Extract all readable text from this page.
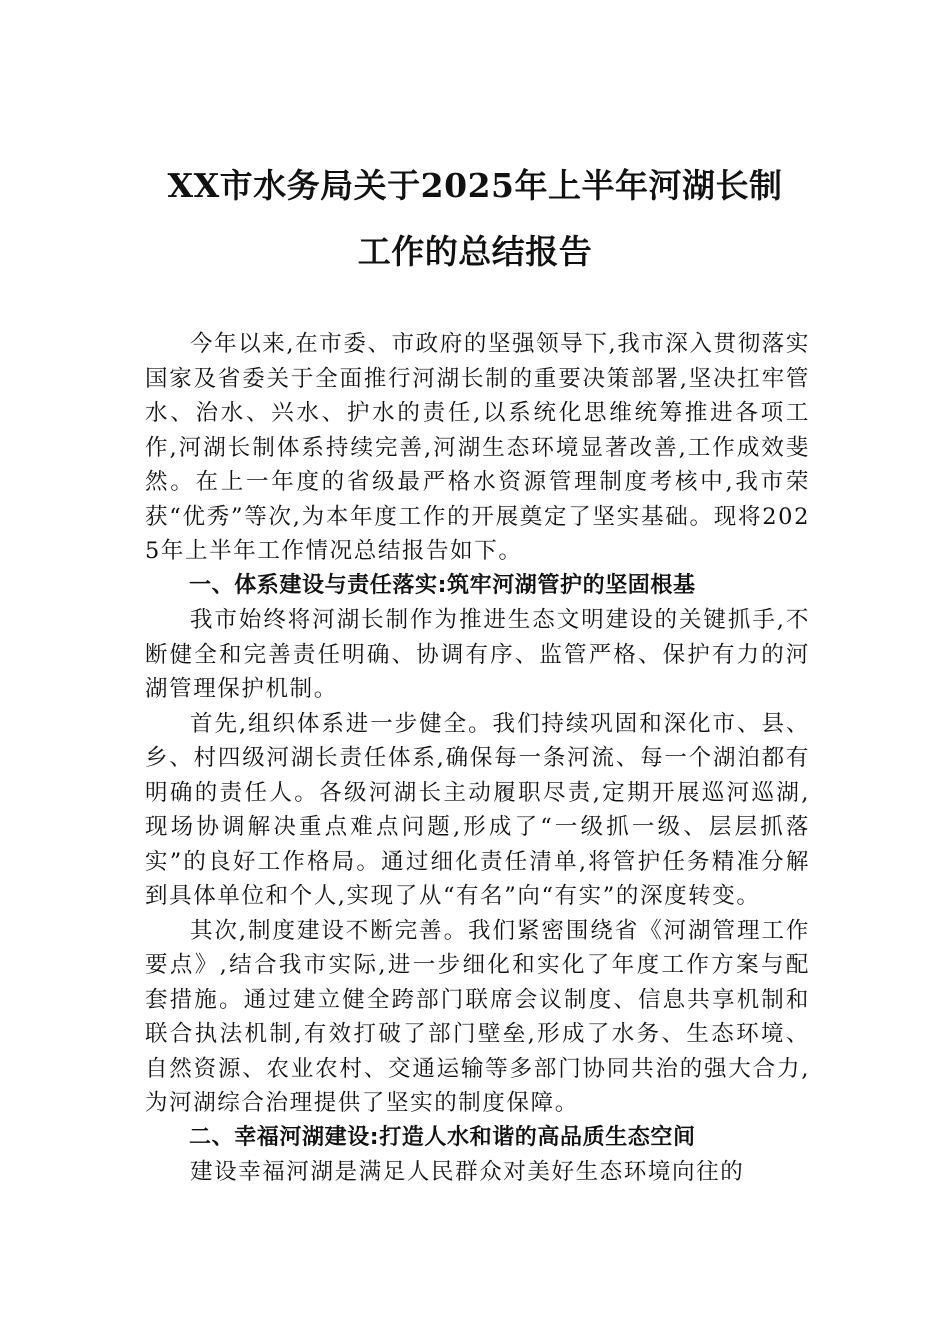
XX市水务局关于2025年上半年河湖长制
工作的总结报告

今年以来,在市委、市政府的坚强领导下,我市深入贯彻落实国家及省委关于全面推行河湖长制的重要决策部署,坚决扛牢管水、治水、兴水、护水的责任,以系统化思维统筹推进各项工作,河湖长制体系持续完善,河湖生态环境显著改善,工作成效斐然。在上一年度的省级最严格水资源管理制度考核中,我市荣获“优秀”等次,为本年度工作的开展奠定了坚实基础。现将2025年上半年工作情况总结报告如下。

一、体系建设与责任落实:筑牢河湖管护的坚固根基

我市始终将河湖长制作为推进生态文明建设的关键抓手,不断健全和完善责任明确、协调有序、监管严格、保护有力的河湖管理保护机制。

首先,组织体系进一步健全。我们持续巩固和深化市、县、乡、村四级河湖长责任体系,确保每一条河流、每一个湖泊都有明确的责任人。各级河湖长主动履职尽责,定期开展巡河巡湖,现场协调解决重点难点问题,形成了“一级抓一级、层层抓落实”的良好工作格局。通过细化责任清单,将管护任务精准分解到具体单位和个人,实现了从“有名”向“有实”的深度转变。

其次,制度建设不断完善。我们紧密围绕省《河湖管理工作要点》,结合我市实际,进一步细化和实化了年度工作方案与配套措施。通过建立健全跨部门联席会议制度、信息共享机制和联合执法机制,有效打破了部门壁垒,形成了水务、生态环境、自然资源、农业农村、交通运输等多部门协同共治的强大合力,为河湖综合治理提供了坚实的制度保障。

二、幸福河湖建设:打造人水和谐的高品质生态空间

建设幸福河湖是满足人民群众对美好生态环境向往的
